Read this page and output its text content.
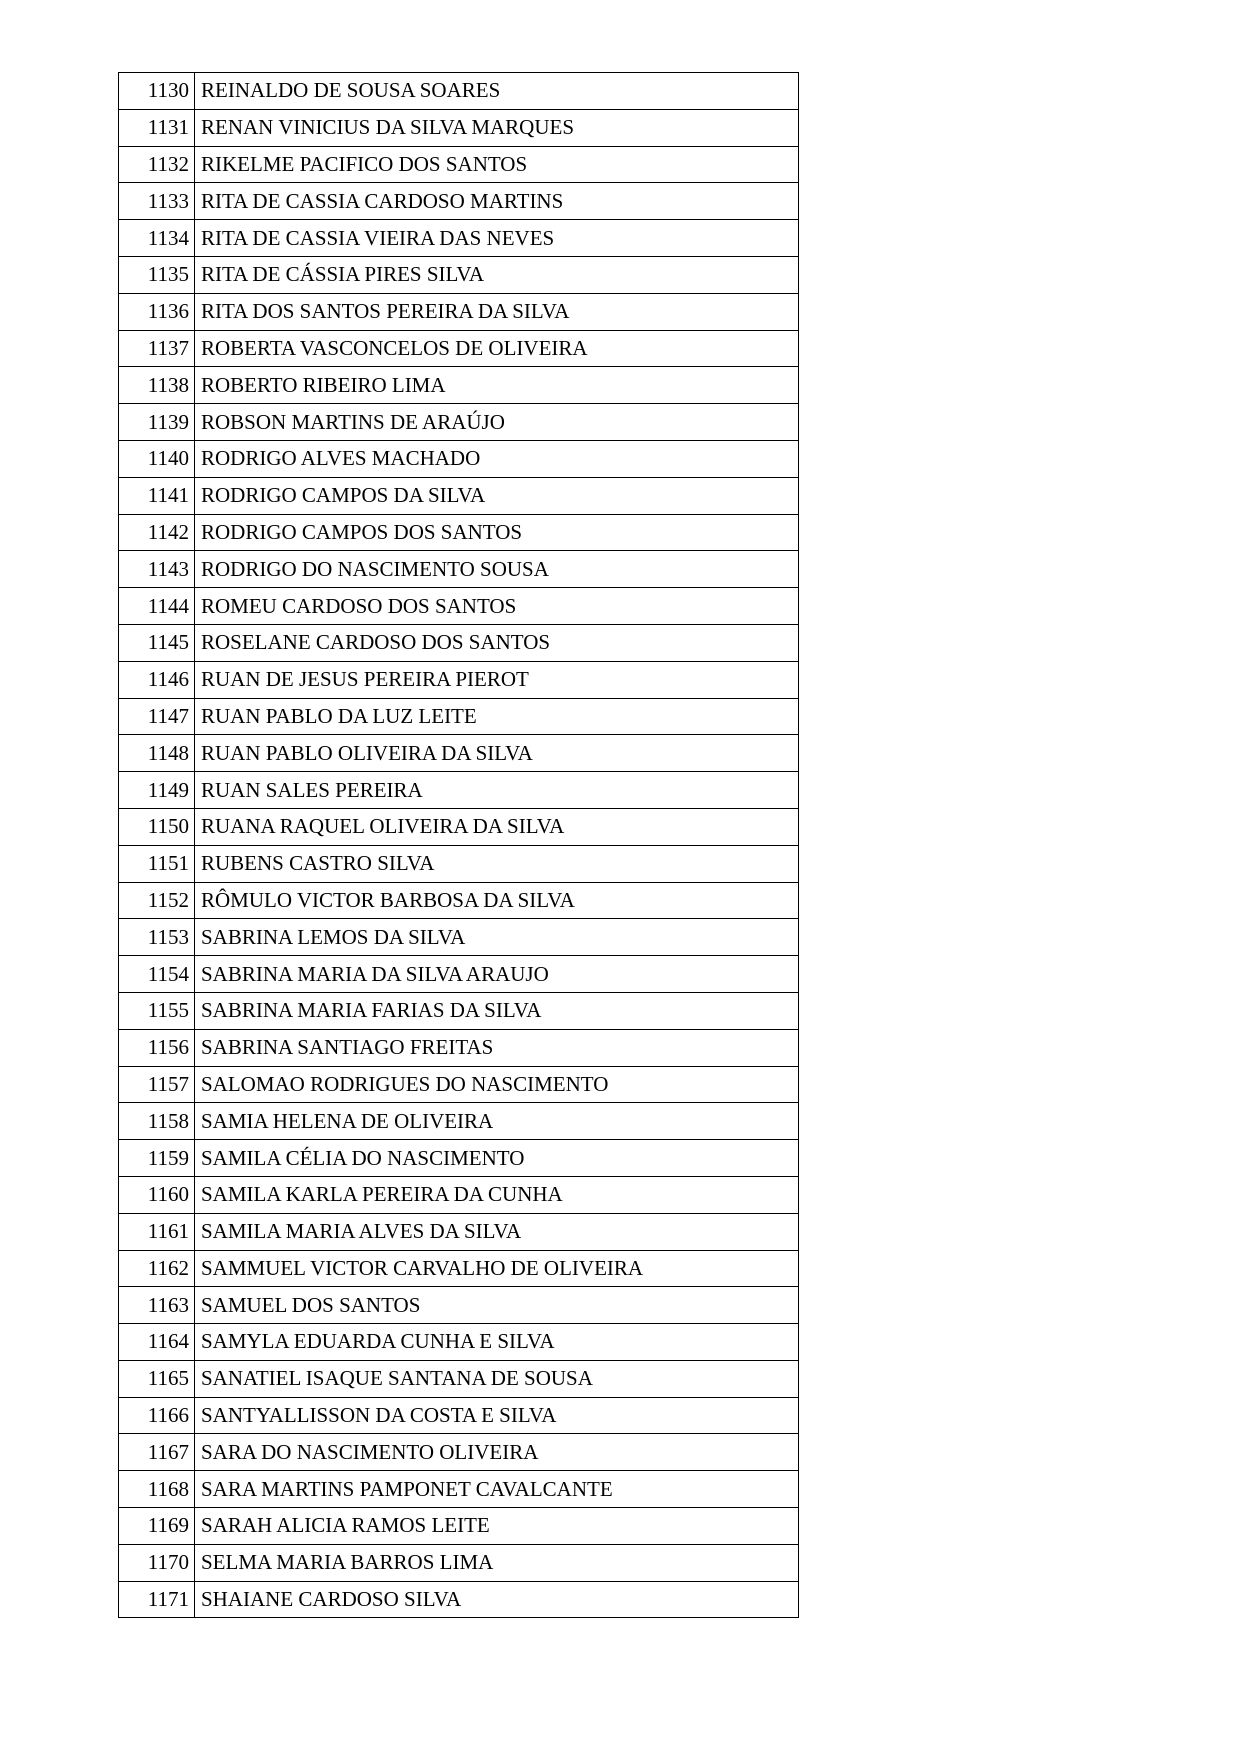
1130	REINALDO DE SOUSA SOARES
1131	RENAN VINICIUS DA SILVA MARQUES
1132	RIKELME PACIFICO DOS SANTOS
1133	RITA DE CASSIA CARDOSO MARTINS
1134	RITA DE CASSIA VIEIRA DAS NEVES
1135	RITA DE CÁSSIA PIRES SILVA
1136	RITA DOS SANTOS PEREIRA DA SILVA
1137	ROBERTA VASCONCELOS DE OLIVEIRA
1138	ROBERTO RIBEIRO LIMA
1139	ROBSON MARTINS DE ARAÚJO
1140	RODRIGO ALVES MACHADO
1141	RODRIGO CAMPOS DA SILVA
1142	RODRIGO CAMPOS DOS SANTOS
1143	RODRIGO DO NASCIMENTO SOUSA
1144	ROMEU CARDOSO DOS SANTOS
1145	ROSELANE CARDOSO DOS SANTOS
1146	RUAN DE JESUS PEREIRA PIEROT
1147	RUAN PABLO DA LUZ LEITE
1148	RUAN PABLO OLIVEIRA DA SILVA
1149	RUAN SALES PEREIRA
1150	RUANA RAQUEL OLIVEIRA DA SILVA
1151	RUBENS CASTRO SILVA
1152	RÔMULO VICTOR BARBOSA DA SILVA
1153	SABRINA LEMOS DA SILVA
1154	SABRINA MARIA DA SILVA ARAUJO
1155	SABRINA MARIA FARIAS DA SILVA
1156	SABRINA SANTIAGO FREITAS
1157	SALOMAO RODRIGUES DO NASCIMENTO
1158	SAMIA HELENA DE OLIVEIRA
1159	SAMILA CÉLIA DO NASCIMENTO
1160	SAMILA KARLA PEREIRA DA CUNHA
1161	SAMILA MARIA ALVES DA SILVA
1162	SAMMUEL VICTOR CARVALHO DE OLIVEIRA
1163	SAMUEL DOS SANTOS
1164	SAMYLA EDUARDA CUNHA E SILVA
1165	SANATIEL ISAQUE SANTANA DE SOUSA
1166	SANTYALLISSON DA COSTA E SILVA
1167	SARA DO NASCIMENTO OLIVEIRA
1168	SARA MARTINS PAMPONET CAVALCANTE
1169	SARAH ALICIA RAMOS LEITE
1170	SELMA MARIA BARROS LIMA
1171	SHAIANE CARDOSO SILVA
